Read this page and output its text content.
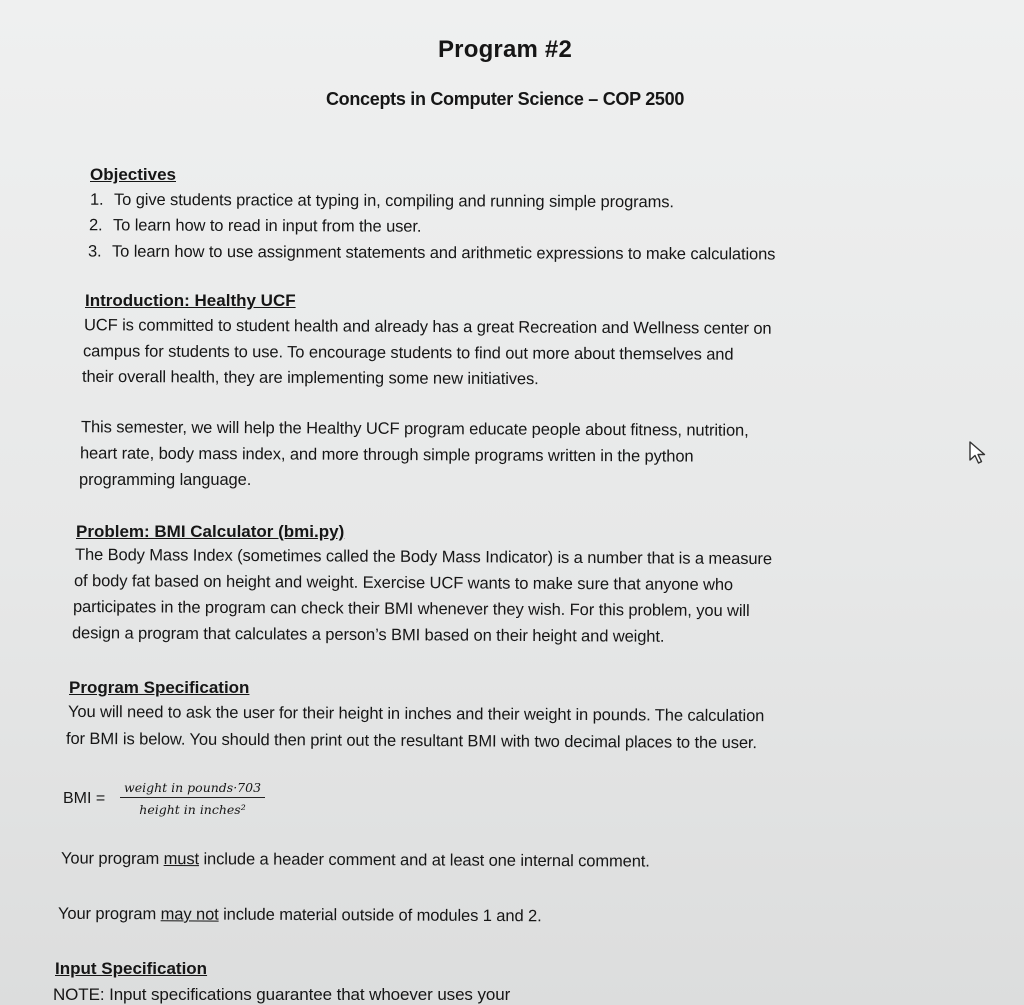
Program #2
Concepts in Computer Science – COP 2500
Objectives
1. To give students practice at typing in, compiling and running simple programs.
2. To learn how to read in input from the user.
3. To learn how to use assignment statements and arithmetic expressions to make calculations
Introduction: Healthy UCF
UCF is committed to student health and already has a great Recreation and Wellness center on
campus for students to use. To encourage students to find out more about themselves and
their overall health, they are implementing some new initiatives.
This semester, we will help the Healthy UCF program educate people about fitness, nutrition,
heart rate, body mass index, and more through simple programs written in the python
programming language.
Problem: BMI Calculator (bmi.py)
The Body Mass Index (sometimes called the Body Mass Indicator) is a number that is a measure
of body fat based on height and weight. Exercise UCF wants to make sure that anyone who
participates in the program can check their BMI whenever they wish. For this problem, you will
design a program that calculates a person’s BMI based on their height and weight.
Program Specification
You will need to ask the user for their height in inches and their weight in pounds. The calculation
for BMI is below. You should then print out the resultant BMI with two decimal places to the user.
BMI =
weight in pounds·703
height in inches²
Your program must include a header comment and at least one internal comment.
Your program may not include material outside of modules 1 and 2.
Input Specification
NOTE: Input specifications guarantee that whoever uses your
